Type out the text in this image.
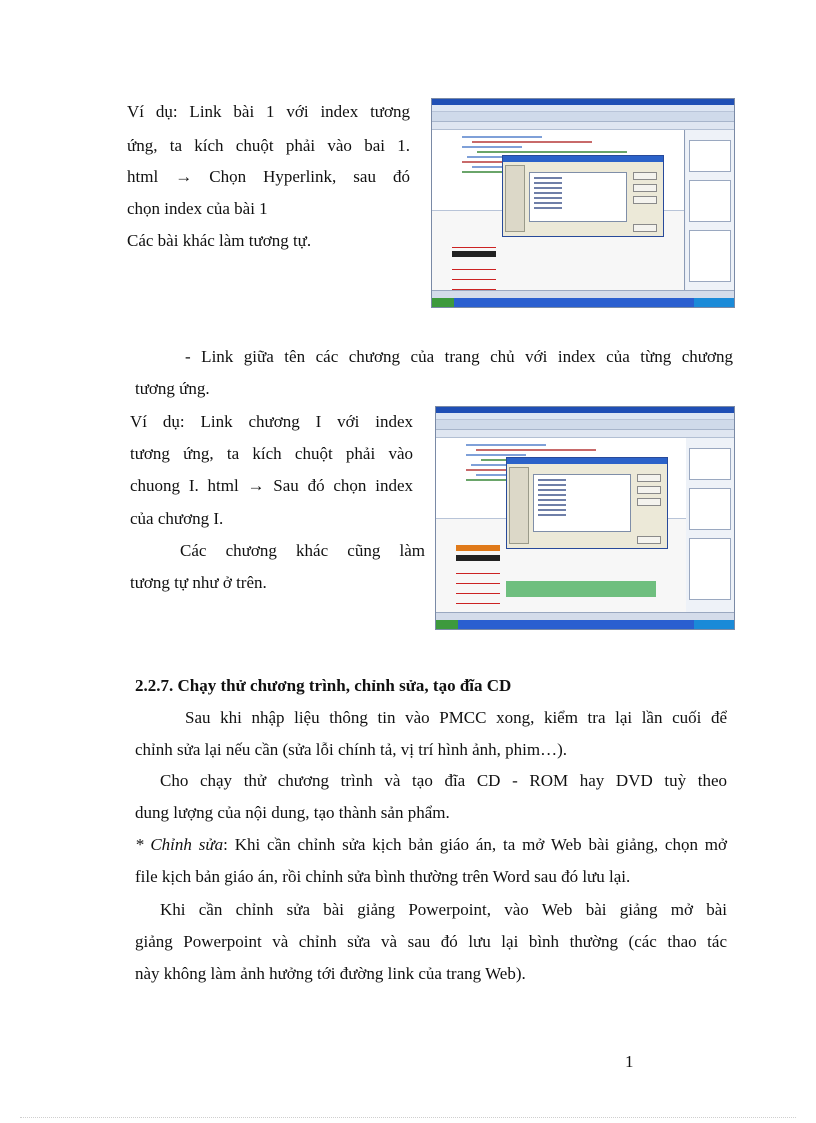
Ví dụ: Link bài 1 với index tương
ứng, ta kích chuột phải vào bai 1.
html → Chọn Hyperlink, sau đó
chọn index của bài 1
Các bài khác làm tương tự.
- Link giữa tên các chương của trang chủ với index của từng chương
tương ứng.
Ví dụ: Link chương I với index
tương ứng, ta kích chuột phải vào
chuong I. html → Sau đó chọn index
của chương I.
Các chương khác cũng làm
tương tự như ở trên.
2.2.7. Chạy thử chương trình, chỉnh sửa, tạo đĩa CD
Sau khi nhập liệu thông tin vào PMCC xong, kiểm tra lại lần cuối để
chỉnh sửa lại nếu cần (sửa lỗi chính tả, vị trí hình ảnh, phim…).
Cho chạy thử chương trình và tạo đĩa CD - ROM hay DVD tuỳ theo
dung lượng của nội dung, tạo thành sản phẩm.
* Chỉnh sửa: Khi cần chỉnh sửa kịch bản giáo án, ta mở Web bài giảng, chọn mở
file kịch bản giáo án, rồi chỉnh sửa bình thường trên Word sau đó lưu lại.
Khi cần chỉnh sửa bài giảng Powerpoint, vào Web bài giảng mở bài
giảng Powerpoint và chỉnh sửa và sau đó lưu lại bình thường (các thao tác
này không làm ảnh hưởng tới đường link của trang Web).
1
